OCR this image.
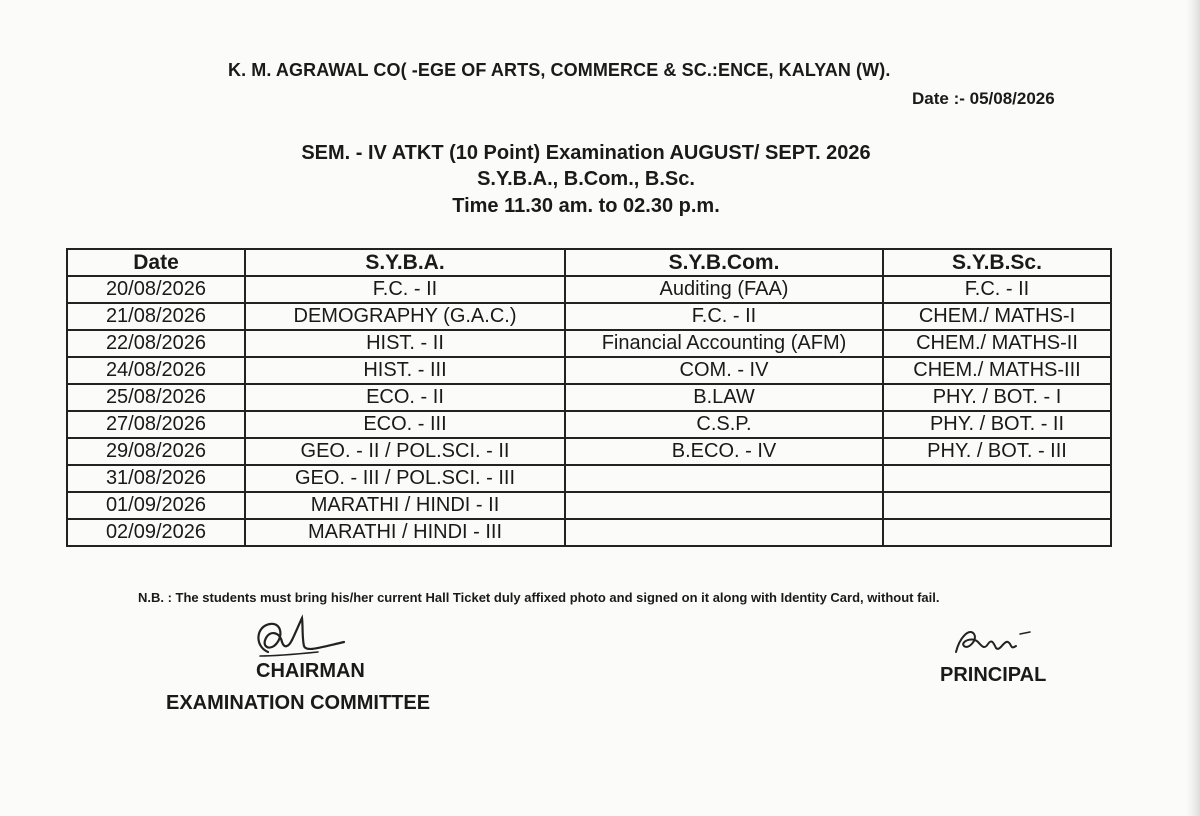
K. M. AGRAWAL CO( -EGE OF ARTS, COMMERCE & SC.:ENCE, KALYAN (W).
Date :- 05/08/2026
SEM. - IV ATKT (10 Point) Examination AUGUST/ SEPT. 2026
S.Y.B.A., B.Com., B.Sc.
Time 11.30 am. to 02.30 p.m.
Date	S.Y.B.A.	S.Y.B.Com.	S.Y.B.Sc.
20/08/2026	F.C. - II	Auditing (FAA)	F.C. - II
21/08/2026	DEMOGRAPHY (G.A.C.)	F.C. - II	CHEM./ MATHS-I
22/08/2026	HIST. - II	Financial Accounting (AFM)	CHEM./ MATHS-II
24/08/2026	HIST. - III	COM. - IV	CHEM./ MATHS-III
25/08/2026	ECO. - II	B.LAW	PHY. / BOT. - I
27/08/2026	ECO. - III	C.S.P.	PHY. / BOT. - II
29/08/2026	GEO. - II / POL.SCI. - II	B.ECO. - IV	PHY. / BOT. - III
31/08/2026	GEO. - III / POL.SCI. - III		
01/09/2026	MARATHI / HINDI - II		
02/09/2026	MARATHI / HINDI - III		
N.B. : The students must bring his/her current Hall Ticket duly affixed photo and signed on it along with Identity Card, without fail.
CHAIRMAN
EXAMINATION COMMITTEE
PRINCIPAL
